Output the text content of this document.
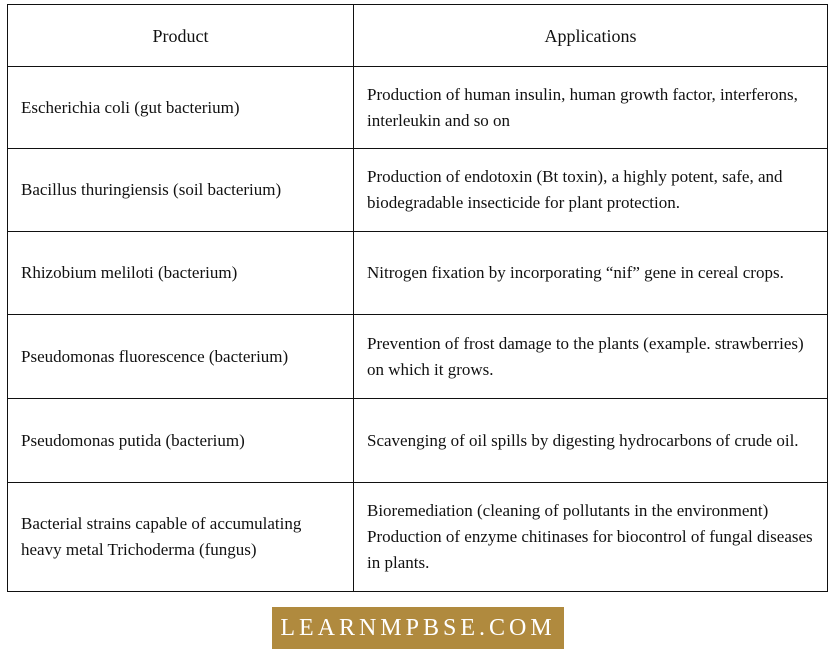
Product	Applications
Escherichia coli (gut bacterium)	Production of human insulin, human growth factor, interferons, interleukin and so on
Bacillus thuringiensis (soil bacterium)	Production of endotoxin (Bt toxin), a highly potent, safe, and biodegradable insecticide for plant protection.
Rhizobium meliloti (bacterium)	Nitrogen fixation by incorporating “nif” gene in cereal crops.
Pseudomonas fluorescence (bacterium)	Prevention of frost damage to the plants (example. strawberries) on which it grows.
Pseudomonas putida (bacterium)	Scavenging of oil spills by digesting hydrocarbons of crude oil.
Bacterial strains capable of accumulating heavy metal Trichoderma (fungus)	Bioremediation (cleaning of pollutants in the environment) Production of enzyme chitinases for biocontrol of fungal diseases in plants.
LEARNMPBSE.COM
